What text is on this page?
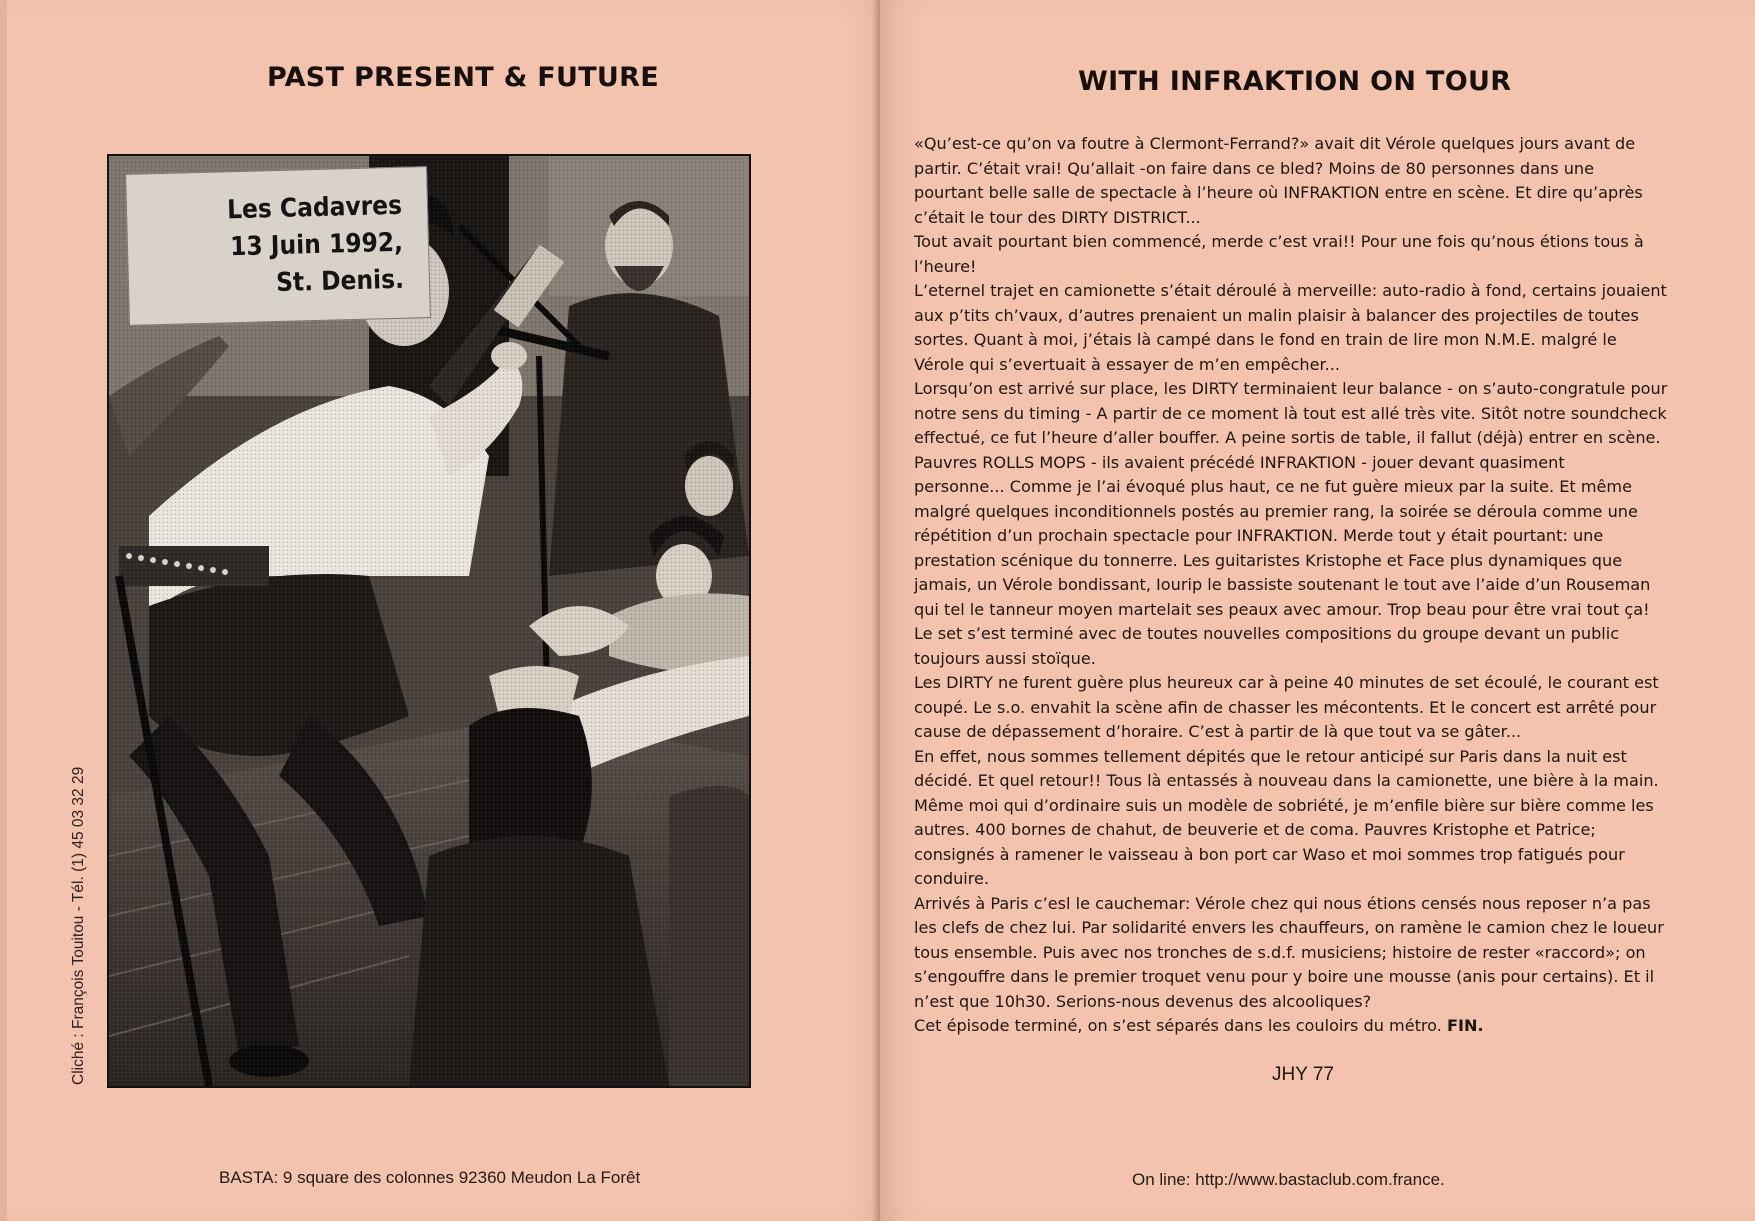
PAST PRESENT & FUTURE
Les Cadavres
13 Juin 1992,
St. Denis.
Cliché : François Touitou - Tél. (1) 45 03 32 29
BASTA: 9 square des colonnes 92360 Meudon La Forêt
WITH INFRAKTION ON TOUR

«Qu’est-ce qu’on va foutre à Clermont-Ferrand?» avait dit Vérole quelques jours avant de

partir. C’était vrai! Qu’allait -on faire dans ce bled? Moins de 80 personnes dans une

pourtant belle salle de spectacle à l’heure où INFRAKTION entre en scène. Et dire qu’après

c’était le tour des DIRTY DISTRICT...

Tout avait pourtant bien commencé, merde c’est vrai!! Pour une fois qu’nous étions tous à

l’heure!

L’eternel trajet en camionette s’était déroulé à merveille: auto-radio à fond, certains jouaient

aux p’tits ch’vaux, d’autres prenaient un malin plaisir à balancer des projectiles de toutes

sortes. Quant à moi, j’étais là campé dans le fond en train de lire mon N.M.E. malgré le

Vérole qui s’evertuait à essayer de m’en empêcher...

Lorsqu’on est arrivé sur place, les DIRTY terminaient leur balance - on s’auto-congratule pour

notre sens du timing - A partir de ce moment là tout est allé très vite. Sitôt notre soundcheck

effectué, ce fut l’heure d’aller bouffer. A peine sortis de table, il fallut (déjà) entrer en scène.

Pauvres ROLLS MOPS - ils avaient précédé INFRAKTION - jouer devant quasiment

personne... Comme je l’ai évoqué plus haut, ce ne fut guère mieux par la suite. Et même

malgré quelques inconditionnels postés au premier rang, la soirée se déroula comme une

répétition d’un prochain spectacle pour INFRAKTION. Merde tout y était pourtant: une

prestation scénique du tonnerre. Les guitaristes Kristophe et Face plus dynamiques que

jamais, un Vérole bondissant, Iourip le bassiste soutenant le tout ave l’aide d’un Rouseman

qui tel le tanneur moyen martelait ses peaux avec amour. Trop beau pour être vrai tout ça!

Le set s’est terminé avec de toutes nouvelles compositions du groupe devant un public

toujours aussi stoïque.

Les DIRTY ne furent guère plus heureux car à peine 40 minutes de set écoulé, le courant est

coupé. Le s.o. envahit la scène afin de chasser les mécontents. Et le concert est arrêté pour

cause de dépassement d’horaire. C’est à partir de là que tout va se gâter...

En effet, nous sommes tellement dépités que le retour anticipé sur Paris dans la nuit est

décidé. Et quel retour!! Tous là entassés à nouveau dans la camionette, une bière à la main.

Même moi qui d’ordinaire suis un modèle de sobriété, je m’enfile bière sur bière comme les

autres. 400 bornes de chahut, de beuverie et de coma. Pauvres Kristophe et Patrice;

consignés à ramener le vaisseau à bon port car Waso et moi sommes trop fatigués pour

conduire.

Arrivés à Paris c’esl le cauchemar: Vérole chez qui nous étions censés nous reposer n’a pas

les clefs de chez lui. Par solidarité envers les chauffeurs, on ramène le camion chez le loueur

tous ensemble. Puis avec nos tronches de s.d.f. musiciens; histoire de rester «raccord»; on

s’engouffre dans le premier troquet venu pour y boire une mousse (anis pour certains). Et il

n’est que 10h30. Serions-nous devenus des alcooliques?

Cet épisode terminé, on s’est séparés dans les couloirs du métro. FIN.

JHY 77
On line: http://www.bastaclub.com.france.
